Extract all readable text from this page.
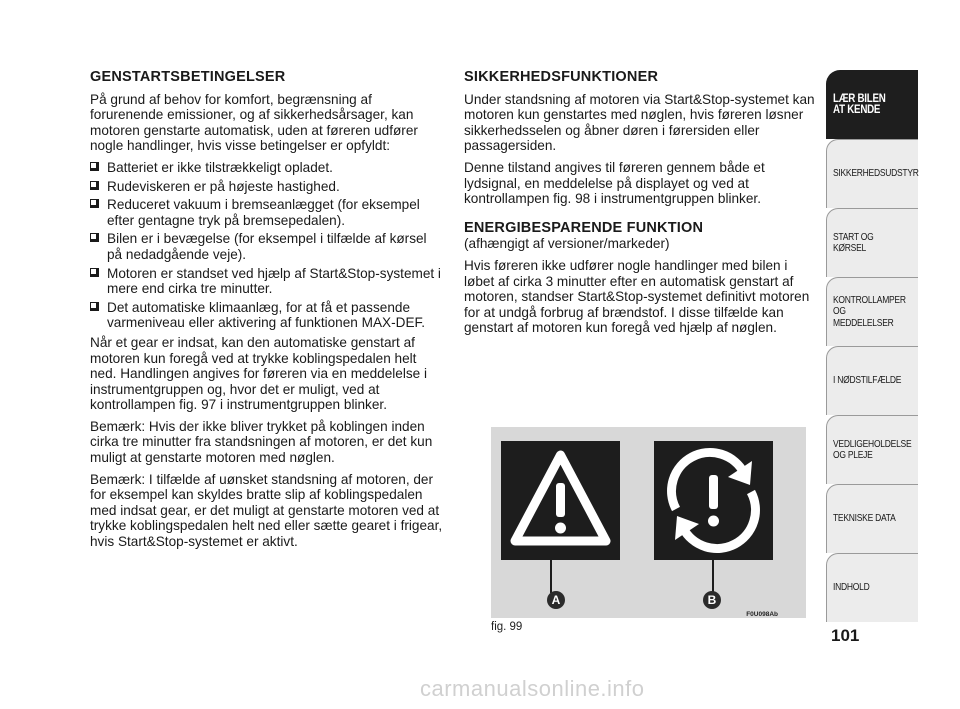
GENSTARTSBETINGELSER

På grund af behov for komfort, begrænsning af forurenende emissioner, og af sikkerhedsårsager, kan motoren genstarte automatisk, uden at føreren udfører nogle handlinger, hvis visse betingelser er opfyldt:

Batteriet er ikke tilstrækkeligt opladet.
Rudeviskeren er på højeste hastighed.
Reduceret vakuum i bremseanlægget (for eksempel efter gentagne tryk på bremsepedalen).
Bilen er i bevægelse (for eksempel i tilfælde af kørsel på nedadgående veje).
Motoren er standset ved hjælp af Start&Stop-systemet i mere end cirka tre minutter.
Det automatiske klimaanlæg, for at få et passende varmeniveau eller aktivering af funktionen MAX-DEF.

Når et gear er indsat, kan den automatiske genstart af motoren kun foregå ved at trykke koblingspedalen helt ned. Handlingen angives for føreren via en meddelelse i instrumentgruppen og, hvor det er muligt, ved at kontrollampen fig. 97 i instrumentgruppen blinker.

Bemærk: Hvis der ikke bliver trykket på koblingen inden cirka tre minutter fra standsningen af motoren, er det kun muligt at genstarte motoren med nøglen.

Bemærk: I tilfælde af uønsket standsning af motoren, der for eksempel kan skyldes bratte slip af koblingspedalen med indsat gear, er det muligt at genstarte motoren ved at trykke koblingspedalen helt ned eller sætte gearet i frigear, hvis Start&Stop-systemet er aktivt.

SIKKERHEDSFUNKTIONER

Under standsning af motoren via Start&Stop-systemet kan motoren kun genstartes med nøglen, hvis føreren løsner sikkerhedsselen og åbner døren i førersiden eller passagersiden.

Denne tilstand angives til føreren gennem både et lydsignal, en meddelelse på displayet og ved at kontrollampen fig. 98 i instrumentgruppen blinker.

ENERGIBESPARENDE FUNKTION

(afhængigt af versioner/markeder)

Hvis føreren ikke udfører nogle handlinger med bilen i løbet af cirka 3 minutter efter en automatisk genstart af motoren, standser Start&Stop-systemet definitivt motoren for at undgå forbrug af brændstof. I disse tilfælde kan genstart af motoren kun foregå ved hjælp af nøglen.

A	B
F0U098Ab
fig. 99
LÆR BILEN
AT KENDE
SIKKERHEDSUDSTYR
START OG KØRSEL
KONTROLLAMPER
OG MEDDELELSER
I NØDSTILFÆLDE
VEDLIGEHOLDELSE
OG PLEJE
TEKNISKE DATA
INDHOLD
101
carmanualsonline.info
